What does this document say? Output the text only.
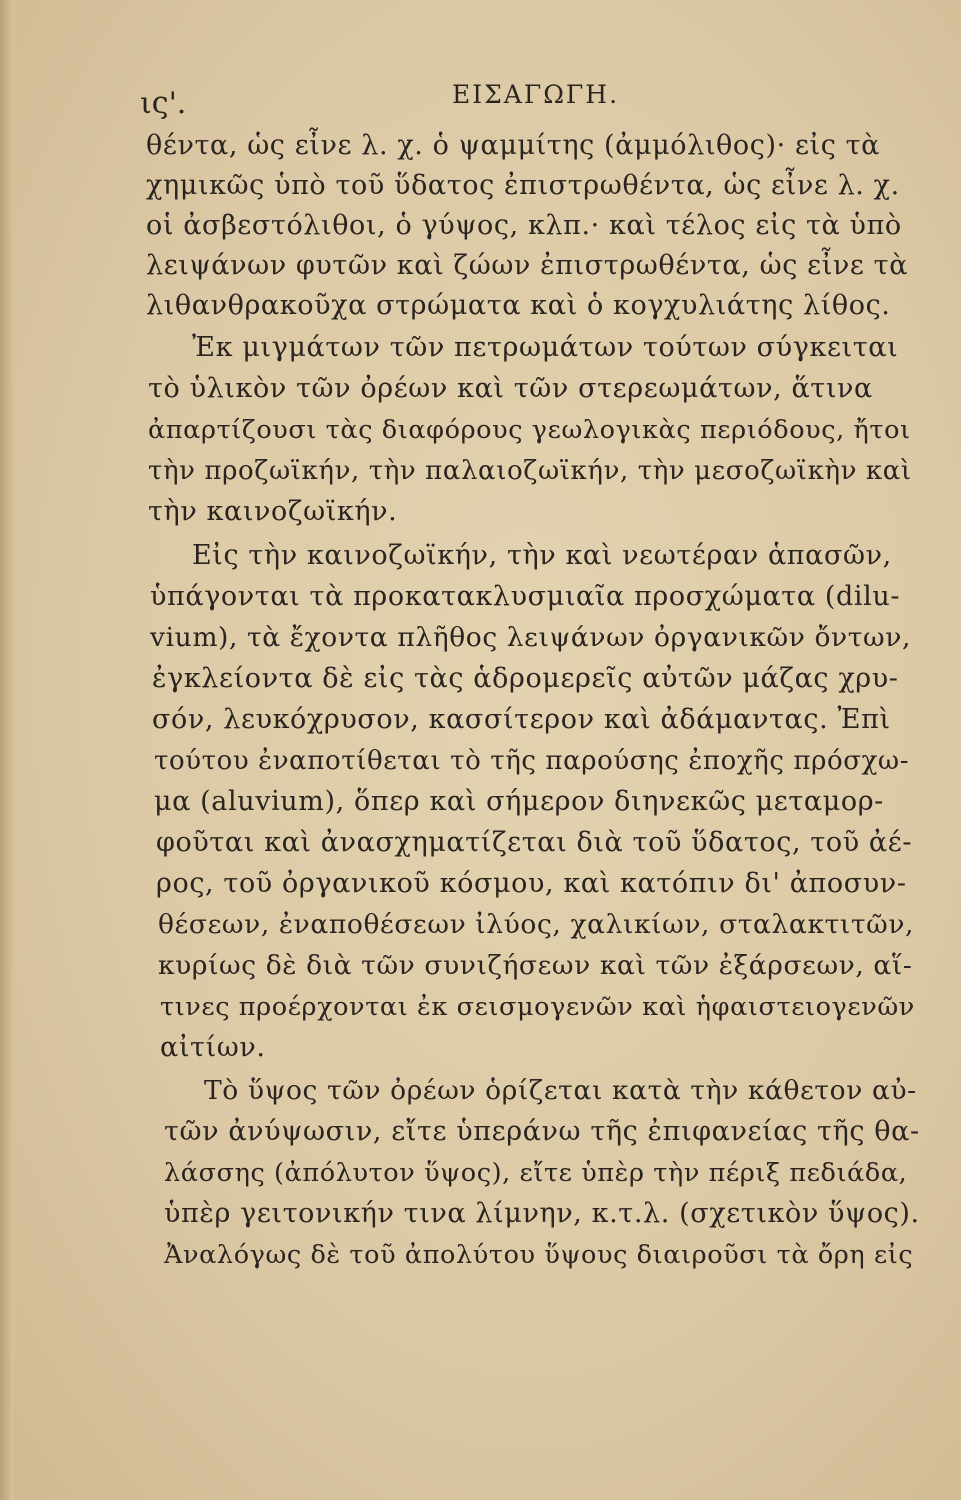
ις'.	ΕΙΣΑΓΩΓΗ.
θέντα, ὡς εἶνε λ. χ. ὁ ψαμμίτης (ἀμμόλιθος)· εἰς τὰ
χημικῶς ὑπὸ τοῦ ὕδατος ἐπιστρωθέντα, ὡς εἶνε λ. χ.
οἱ ἀσβεστόλιθοι, ὁ γύψος, κλπ.· καὶ τέλος εἰς τὰ ὑπὸ
λειψάνων φυτῶν καὶ ζώων ἐπιστρωθέντα, ὡς εἶνε τὰ
λιθανθρακοῦχα στρώματα καὶ ὁ κογχυλιάτης λίθος.
Ἐκ μιγμάτων τῶν πετρωμάτων τούτων σύγκειται
τὸ ὑλικὸν τῶν ὀρέων καὶ τῶν στερεωμάτων, ἅτινα
ἀπαρτίζουσι τὰς διαφόρους γεωλογικὰς περιόδους, ἤτοι
τὴν προζωϊκήν, τὴν παλαιοζωϊκήν, τὴν μεσοζωϊκὴν καὶ
τὴν καινοζωϊκήν.
Εἰς τὴν καινοζωϊκήν, τὴν καὶ νεωτέραν ἁπασῶν,
ὑπάγονται τὰ προκατακλυσμιαῖα προσχώματα (dilu-
vium), τὰ ἔχοντα πλῆθος λειψάνων ὀργανικῶν ὄντων,
ἐγκλείοντα δὲ εἰς τὰς ἁδρομερεῖς αὐτῶν μάζας χρυ-
σόν, λευκόχρυσον, κασσίτερον καὶ ἀδάμαντας. Ἐπὶ
τούτου ἐναποτίθεται τὸ τῆς παρούσης ἐποχῆς πρόσχω-
μα (aluvium), ὅπερ καὶ σήμερον διηνεκῶς μεταμορ-
φοῦται καὶ ἀνασχηματίζεται διὰ τοῦ ὕδατος, τοῦ ἀέ-
ρος, τοῦ ὀργανικοῦ κόσμου, καὶ κατόπιν δι' ἀποσυν-
θέσεων, ἐναποθέσεων ἰλύος, χαλικίων, σταλακτιτῶν,
κυρίως δὲ διὰ τῶν συνιζήσεων καὶ τῶν ἐξάρσεων, αἵ-
τινες προέρχονται ἐκ σεισμογενῶν καὶ ἡφαιστειογενῶν
αἰτίων.
Τὸ ὕψος τῶν ὀρέων ὁρίζεται κατὰ τὴν κάθετον αὐ-
τῶν ἀνύψωσιν, εἴτε ὑπεράνω τῆς ἐπιφανείας τῆς θα-
λάσσης (ἀπόλυτον ὕψος), εἴτε ὑπὲρ τὴν πέριξ πεδιάδα,
ὑπὲρ γειτονικήν τινα λίμνην, κ.τ.λ. (σχετικὸν ὕψος).
Ἀναλόγως δὲ τοῦ ἀπολύτου ὕψους διαιροῦσι τὰ ὄρη εἰς
